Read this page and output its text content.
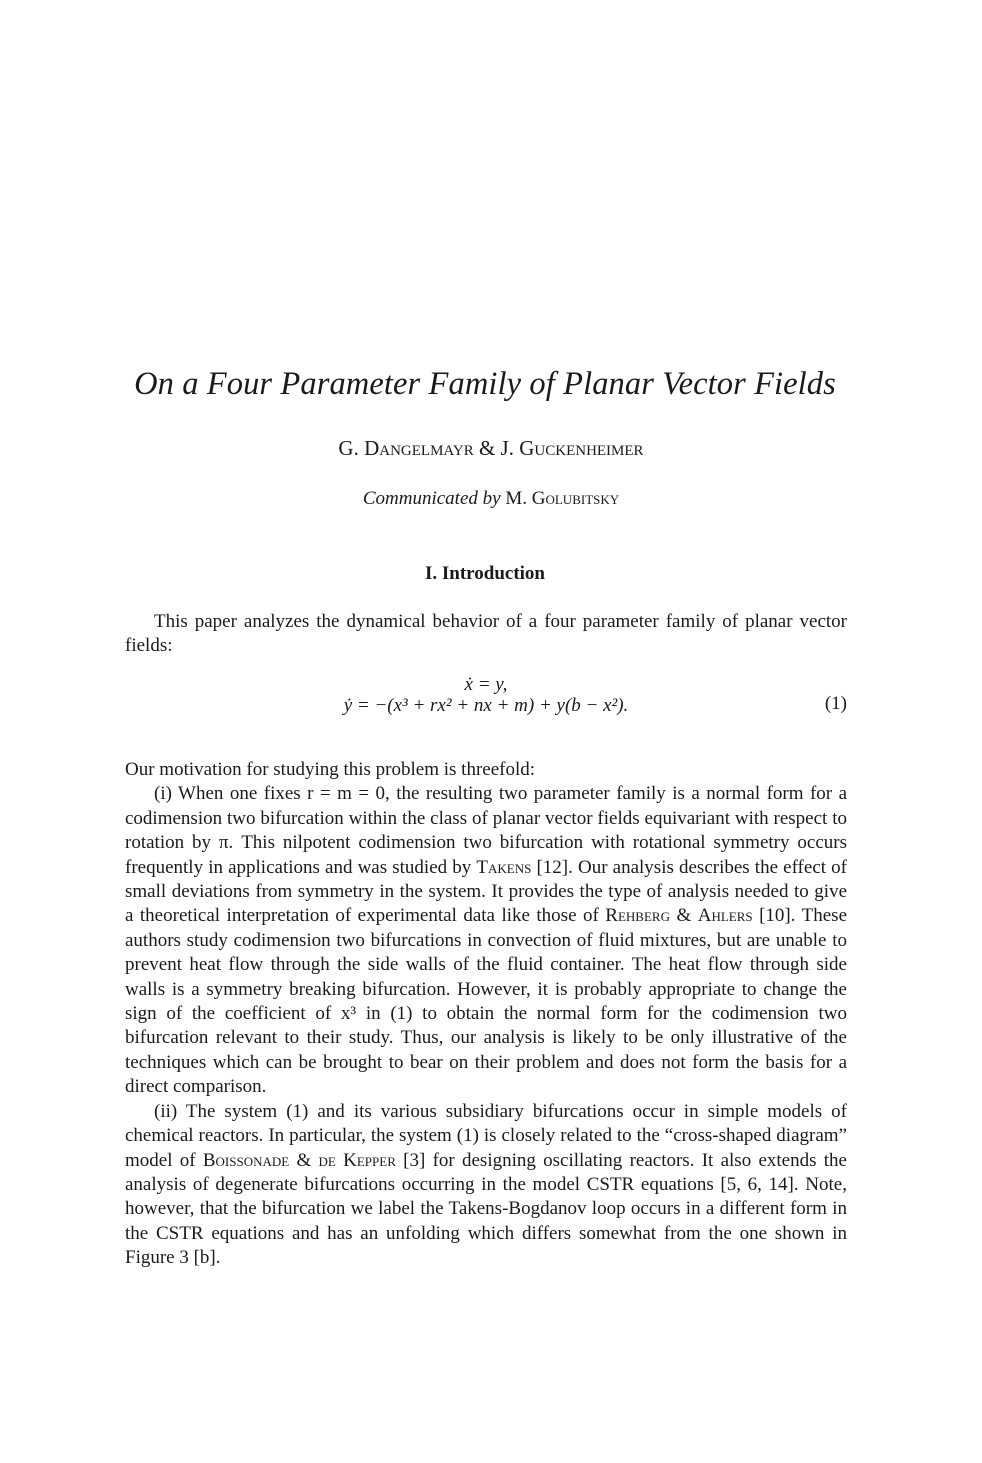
On a Four Parameter Family of Planar Vector Fields
G. Dangelmayr & J. Guckenheimer
Communicated by M. Golubitsky
I. Introduction

This paper analyzes the dynamical behavior of a four parameter family of planar vector fields:

ẋ = y,
ẏ = −(x³ + rx² + nx + m) + y(b − x²).	(1)

Our motivation for studying this problem is threefold:

(i) When one fixes r = m = 0, the resulting two parameter family is a normal form for a codimension two bifurcation within the class of planar vector fields equivariant with respect to rotation by π. This nilpotent codimension two bifurcation with rotational symmetry occurs frequently in applications and was studied by Takens [12]. Our analysis describes the effect of small deviations from symmetry in the system. It provides the type of analysis needed to give a theoretical interpretation of experimental data like those of Rehberg & Ahlers [10]. These authors study codimension two bifurcations in convection of fluid mixtures, but are unable to prevent heat flow through the side walls of the fluid container. The heat flow through side walls is a symmetry breaking bifurcation. However, it is probably appropriate to change the sign of the coefficient of x³ in (1) to obtain the normal form for the codimension two bifurcation relevant to their study. Thus, our analysis is likely to be only illustrative of the techniques which can be brought to bear on their problem and does not form the basis for a direct comparison.

(ii) The system (1) and its various subsidiary bifurcations occur in simple models of chemical reactors. In particular, the system (1) is closely related to the “cross-shaped diagram” model of Boissonade & de Kepper [3] for designing oscillating reactors. It also extends the analysis of degenerate bifurcations occurring in the model CSTR equations [5, 6, 14]. Note, however, that the bifurcation we label the Takens-Bogdanov loop occurs in a different form in the CSTR equations and has an unfolding which differs somewhat from the one shown in Figure 3 [b].
